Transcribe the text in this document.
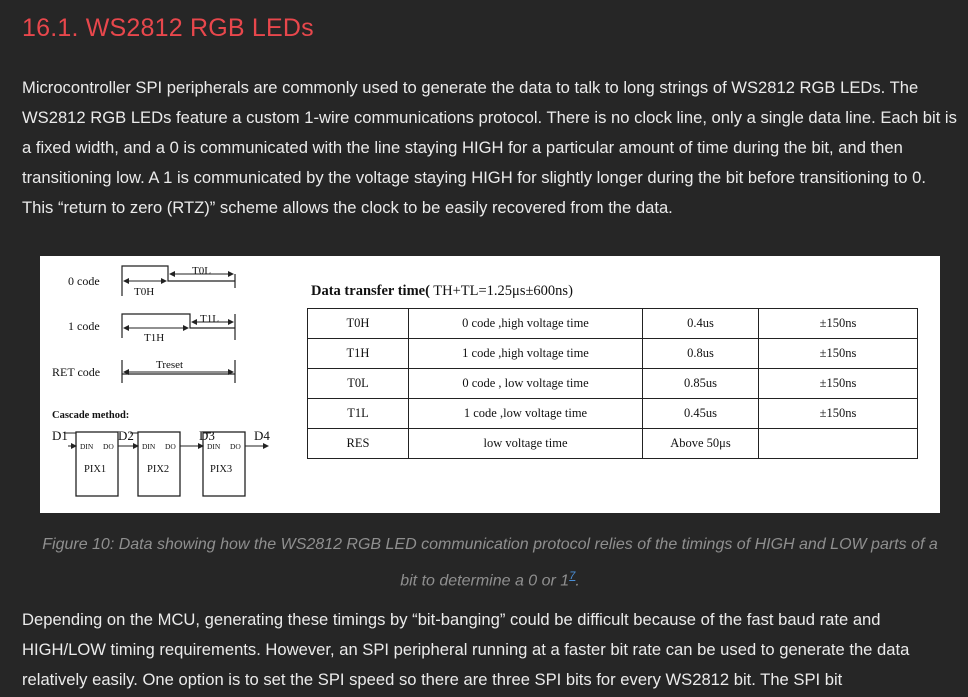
16.1. WS2812 RGB LEDs

Microcontroller SPI peripherals are commonly used to generate the data to talk to long strings of WS2812 RGB LEDs. The WS2812 RGB LEDs feature a custom 1-wire communications protocol. There is no clock line, only a single data line. Each bit is a fixed width, and a 0 is communicated with the line staying HIGH for a particular amount of time during the bit, and then transitioning low. A 1 is communicated by the voltage staying HIGH for slightly longer during the bit before transitioning to 0. This “return to zero (RTZ)” scheme allows the clock to be easily recovered from the data.

0 code
T0H
T0L
1 code
T1H
T1L
RET code	Treset
Cascade method:
D1	D2	D3	D4
DIN DO	DIN DO	DIN DO
PIX1	PIX2	PIX3
Data transfer time( TH+TL=1.25μs±600ns)
T0H	0 code ,high voltage time	0.4us	±150ns
T1H	1 code ,high voltage time	0.8us	±150ns
T0L	0 code , low voltage time	0.85us	±150ns
T1L	1 code ,low voltage time	0.45us	±150ns
RES	low voltage time	Above 50μs	

Figure 10: Data showing how the WS2812 RGB LED communication protocol relies of the timings of HIGH and LOW parts of a bit to determine a 0 or 1$^7$.

Depending on the MCU, generating these timings by “bit-banging” could be difficult because of the fast baud rate and HIGH/LOW timing requirements. However, an SPI peripheral running at a faster bit rate can be used to generate the data relatively easily. One option is to set the SPI speed so there are three SPI bits for every WS2812 bit. The SPI bit
